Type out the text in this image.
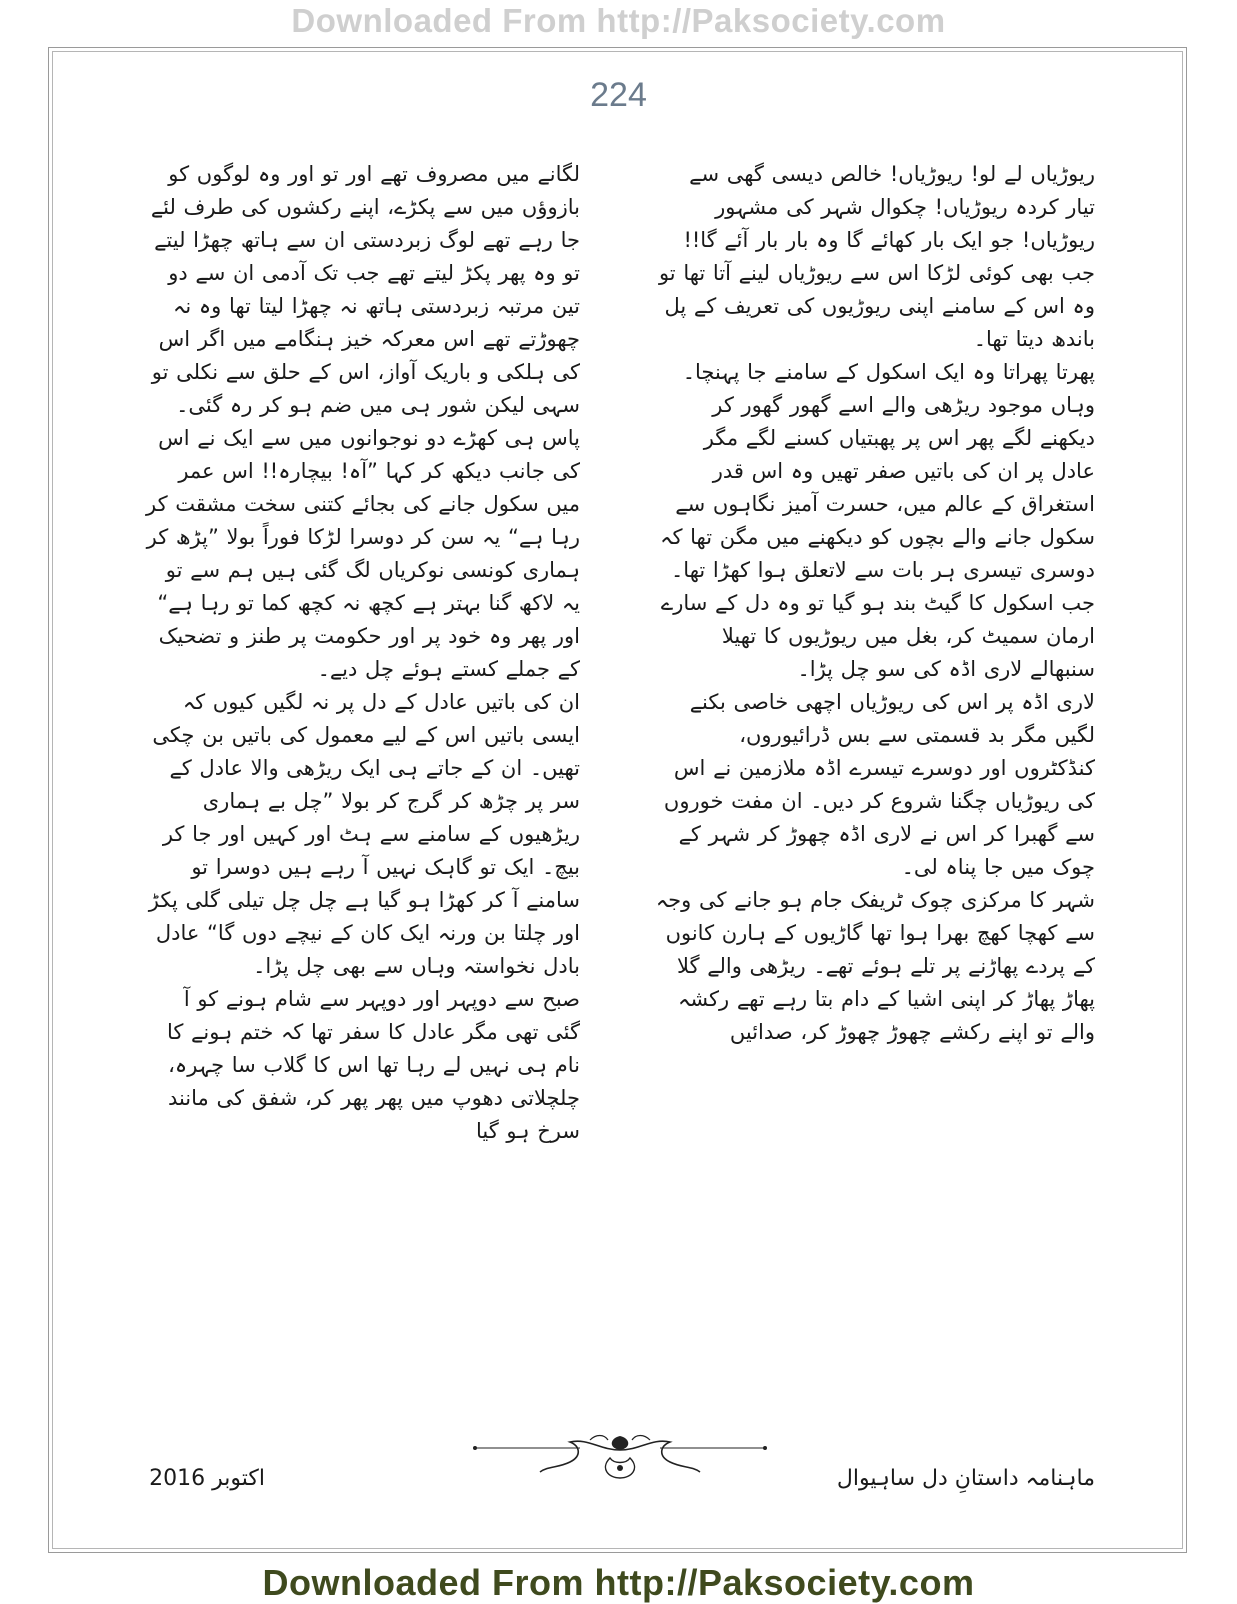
Downloaded From http://Paksociety.com
224

ریوڑیاں لے لو! ریوڑیاں! خالص دیسی گھی سے تیار کردہ ریوڑیاں! چکوال شہر کی مشہور ریوڑیاں! جو ایک بار کھائے گا وہ بار بار آئے گا!! جب بھی کوئی لڑکا اس سے ریوڑیاں لینے آتا تھا تو وہ اس کے سامنے اپنی ریوڑیوں کی تعریف کے پل باندھ دیتا تھا۔

پھرتا پھراتا وہ ایک اسکول کے سامنے جا پہنچا۔ وہاں موجود ریڑھی والے اسے گھور گھور کر دیکھنے لگے پھر اس پر پھبتیاں کسنے لگے مگر عادل پر ان کی باتیں صفر تھیں وہ اس قدر استغراق کے عالم میں، حسرت آمیز نگاہوں سے سکول جانے والے بچوں کو دیکھنے میں مگن تھا کہ دوسری تیسری ہر بات سے لاتعلق ہوا کھڑا تھا۔ جب اسکول کا گیٹ بند ہو گیا تو وہ دل کے سارے ارمان سمیٹ کر، بغل میں ریوڑیوں کا تھیلا سنبھالے لاری اڈہ کی سو چل پڑا۔

لاری اڈہ پر اس کی ریوڑیاں اچھی خاصی بکنے لگیں مگر بد قسمتی سے بس ڈرائیوروں، کنڈکٹروں اور دوسرے تیسرے اڈہ ملازمین نے اس کی ریوڑیاں چگنا شروع کر دیں۔ ان مفت خوروں سے گھبرا کر اس نے لاری اڈہ چھوڑ کر شہر کے چوک میں جا پناہ لی۔

شہر کا مرکزی چوک ٹریفک جام ہو جانے کی وجہ سے کھچا کھچ بھرا ہوا تھا گاڑیوں کے ہارن کانوں کے پردے پھاڑنے پر تلے ہوئے تھے۔ ریڑھی والے گلا پھاڑ پھاڑ کر اپنی اشیا کے دام بتا رہے تھے رکشہ والے تو اپنے رکشے چھوڑ چھوڑ کر، صدائیں

لگانے میں مصروف تھے اور تو اور وہ لوگوں کو بازوؤں میں سے پکڑے، اپنے رکشوں کی طرف لئے جا رہے تھے لوگ زبردستی ان سے ہاتھ چھڑا لیتے تو وہ پھر پکڑ لیتے تھے جب تک آدمی ان سے دو تین مرتبہ زبردستی ہاتھ نہ چھڑا لیتا تھا وہ نہ چھوڑتے تھے اس معرکہ خیز ہنگامے میں اگر اس کی ہلکی و باریک آواز، اس کے حلق سے نکلی تو سہی لیکن شور ہی میں ضم ہو کر رہ گئی۔ پاس ہی کھڑے دو نوجوانوں میں سے ایک نے اس کی جانب دیکھ کر کہا ”آہ! بیچارہ!! اس عمر میں سکول جانے کی بجائے کتنی سخت مشقت کر رہا ہے“ یہ سن کر دوسرا لڑکا فوراً بولا ”پڑھ کر ہماری کونسی نوکریاں لگ گئی ہیں ہم سے تو یہ لاکھ گنا بہتر ہے کچھ نہ کچھ کما تو رہا ہے“ اور پھر وہ خود پر اور حکومت پر طنز و تضحیک کے جملے کستے ہوئے چل دیے۔

ان کی باتیں عادل کے دل پر نہ لگیں کیوں کہ ایسی باتیں اس کے لیے معمول کی باتیں بن چکی تھیں۔ ان کے جاتے ہی ایک ریڑھی والا عادل کے سر پر چڑھ کر گرج کر بولا ”چل بے ہماری ریڑھیوں کے سامنے سے ہٹ اور کہیں اور جا کر بیچ۔ ایک تو گاہک نہیں آ رہے ہیں دوسرا تو سامنے آ کر کھڑا ہو گیا ہے چل چل تیلی گلی پکڑ اور چلتا بن ورنہ ایک کان کے نیچے دوں گا“ عادل بادل نخواستہ وہاں سے بھی چل پڑا۔

صبح سے دوپہر اور دوپہر سے شام ہونے کو آ گئی تھی مگر عادل کا سفر تھا کہ ختم ہونے کا نام ہی نہیں لے رہا تھا اس کا گلاب سا چہرہ، چلچلاتی دھوپ میں پھر پھر کر، شفق کی مانند سرخ ہو گیا

اکتوبر 2016	ماہنامہ داستانِ دل ساہیوال
Downloaded From http://Paksociety.com
